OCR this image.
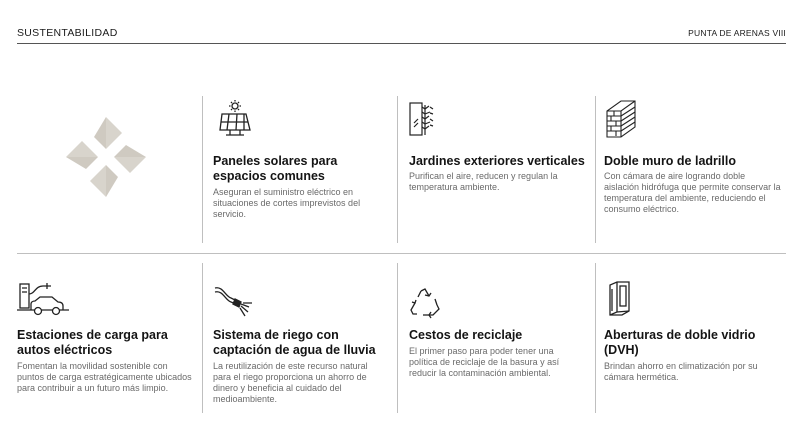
SUSTENTABILIDAD	PUNTA DE ARENAS VIII
Paneles solares para
espacios comunes
Aseguran el suministro eléctrico en situaciones de cortes imprevistos del servicio.
Jardines exteriores verticales
Purifican el aire, reducen y regulan la temperatura ambiente.
Doble muro de ladrillo
Con cámara de aire logrando doble aislación hidrófuga que permite conservar la temperatura del ambiente, reduciendo el consumo eléctrico.
Estaciones de carga para
autos eléctricos
Fomentan la movilidad sostenible con puntos de carga estratégicamente ubicados para contribuir a un futuro más limpio.
Sistema de riego con
captación de agua de lluvia
La reutilización de este recurso natural para el riego proporciona un ahorro de dinero y beneficia al cuidado del medioambiente.
Cestos de reciclaje
El primer paso para poder tener una política de reciclaje de la basura y así reducir la contaminación ambiental.
Aberturas de doble vidrio
(DVH)
Brindan ahorro en climatización por su cámara hermética.
